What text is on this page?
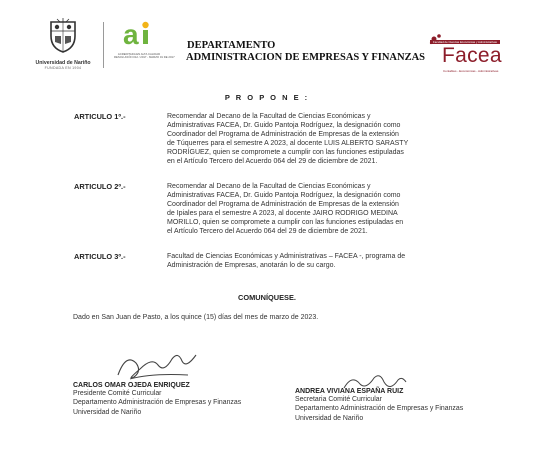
Universidad de Nariño
FUNDADA EN 1904
a
ACREDITADA EN ALTA CALIDAD
RESOLUCIÓN 012 / 2017 - MARZO 01 DE 2017
DEPARTAMENTO
ADMINISTRACION DE EMPRESAS Y FINANZAS
Facultad de Ciencias Económicas y Administrativas
Facea
Contables - Económicas - Administrativas
P R O P O N E :
ARTICULO 1º.-	Recomendar al Decano de la Facultad de Ciencias Económicas y
Administrativas FACEA, Dr. Guido Pantoja Rodríguez, la designación como
Coordinador del Programa de Administración de Empresas de la extensión
de Túquerres para el semestre A 2023, al docente LUIS ALBERTO SARASTY
RODRÍGUEZ, quien se compromete a cumplir con las funciones estipuladas
en el Artículo Tercero del Acuerdo 064 del 29 de diciembre de 2021.
ARTICULO 2º.-	Recomendar al Decano de la Facultad de Ciencias Económicas y
Administrativas FACEA, Dr. Guido Pantoja Rodríguez, la designación como
Coordinador del Programa de Administración de Empresas de la extensión
de Ipiales para el semestre A 2023, al docente JAIRO RODRIGO MEDINA
MORILLO, quien se compromete a cumplir con las funciones estipuladas en
el Artículo Tercero del Acuerdo 064 del 29 de diciembre de 2021.
ARTICULO 3º.-	Facultad de Ciencias Económicas y Administrativas – FACEA -, programa de
Administración de Empresas, anotarán lo de su cargo.
COMUNÍQUESE.
Dado en San Juan de Pasto, a los quince (15) días del mes de marzo de 2023.
CARLOS OMAR OJEDA ENRIQUEZ
Presidente Comité Curricular
Departamento Administración de Empresas y Finanzas
Universidad de Nariño
ANDREA VIVIANA ESPAÑA RUIZ
Secretaria Comité Curricular
Departamento Administración de Empresas y Finanzas
Universidad de Nariño
